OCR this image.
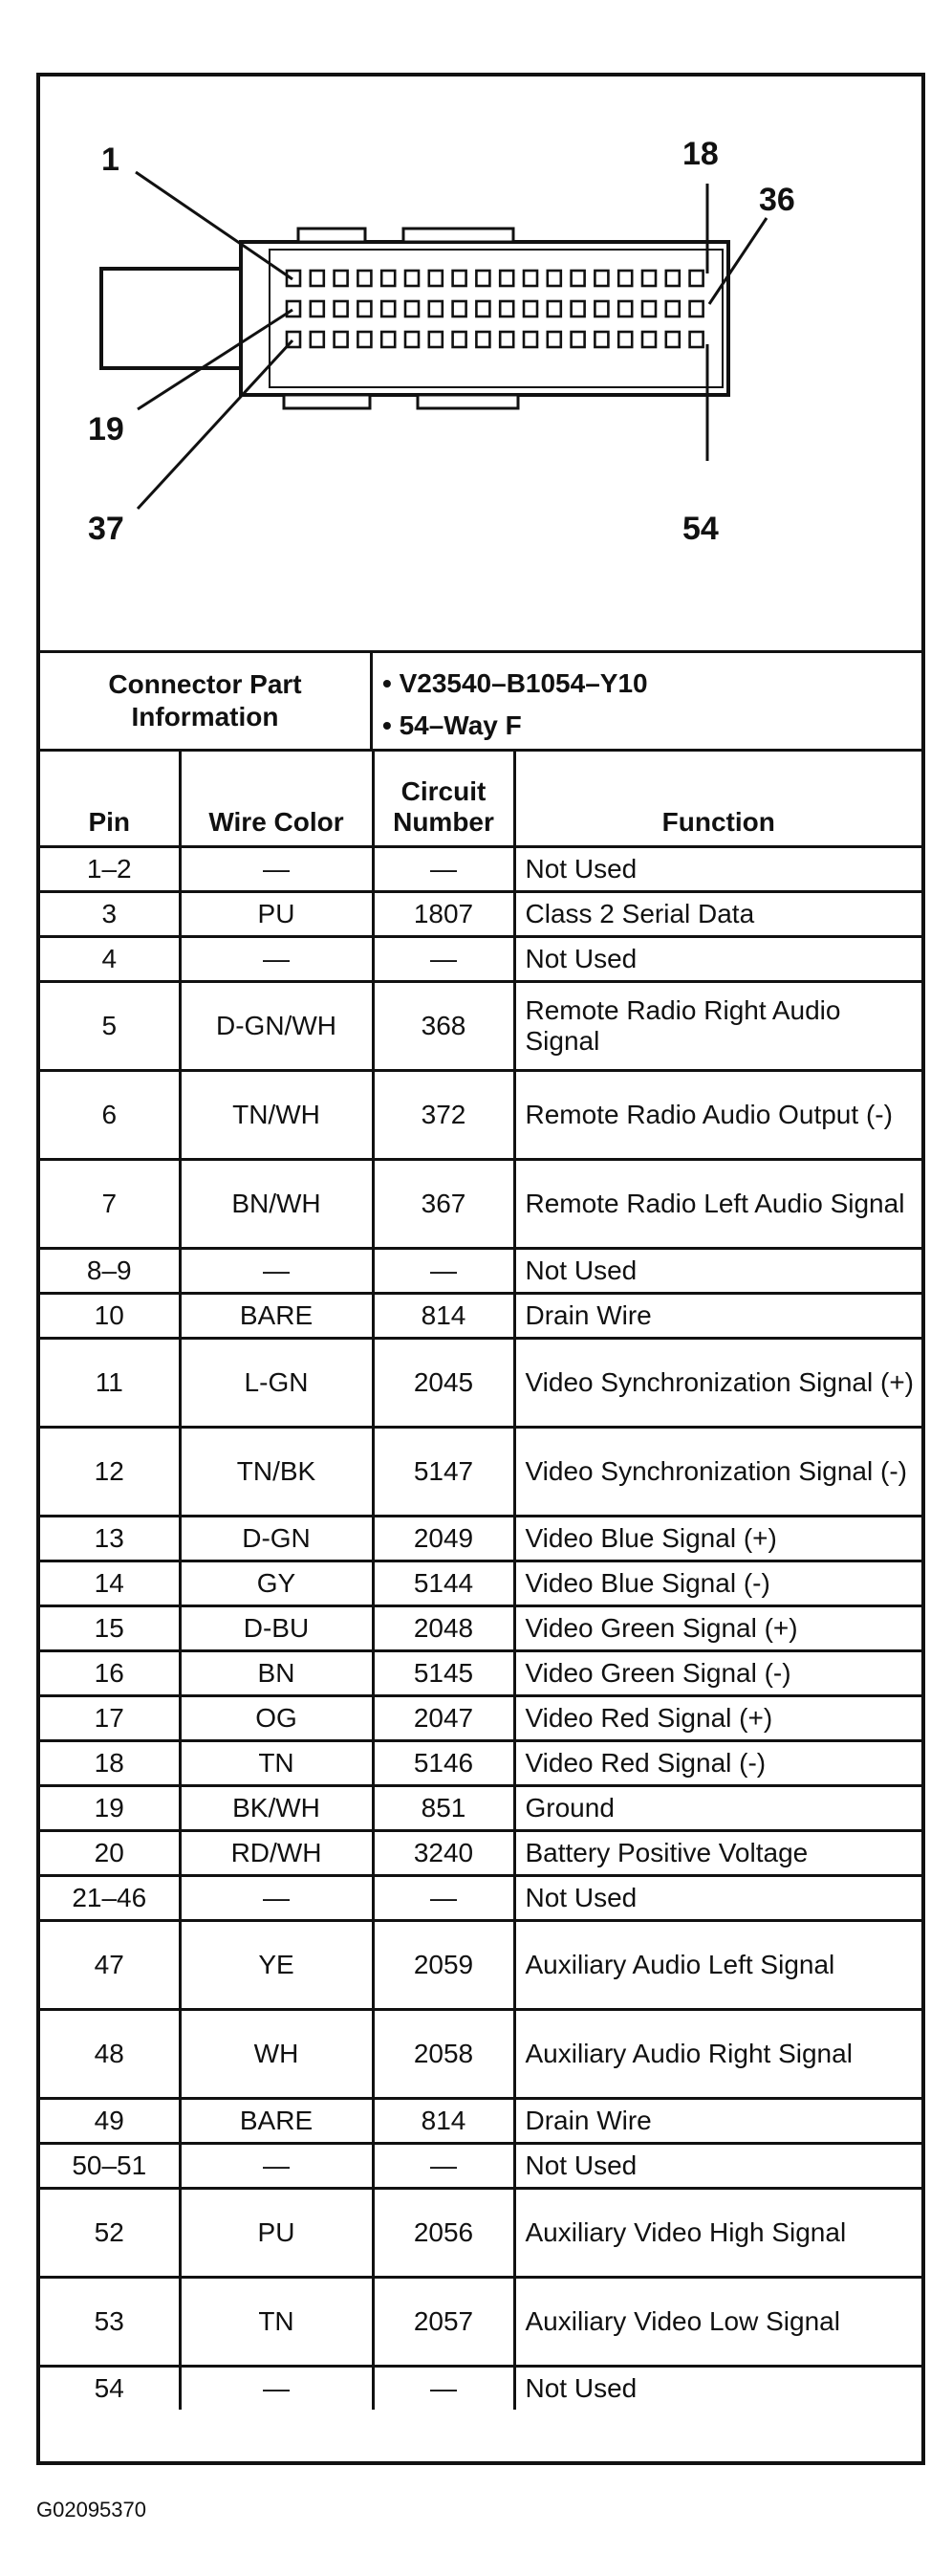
1	18
36
19
37	54
Connector Part Information
• V23540–B1054–Y10
• 54–Way F
Pin	Wire Color	Circuit Number	Function
1–2	—	—	Not Used
3	PU	1807	Class 2 Serial Data
4	—	—	Not Used
5	D-GN/WH	368	Remote Radio Right Audio Signal
6	TN/WH	372	Remote Radio Audio Output (-)
7	BN/WH	367	Remote Radio Left Audio Signal
8–9	—	—	Not Used
10	BARE	814	Drain Wire
11	L-GN	2045	Video Synchronization Signal (+)
12	TN/BK	5147	Video Synchronization Signal (-)
13	D-GN	2049	Video Blue Signal (+)
14	GY	5144	Video Blue Signal (-)
15	D-BU	2048	Video Green Signal (+)
16	BN	5145	Video Green Signal (-)
17	OG	2047	Video Red Signal (+)
18	TN	5146	Video Red Signal (-)
19	BK/WH	851	Ground
20	RD/WH	3240	Battery Positive Voltage
21–46	—	—	Not Used
47	YE	2059	Auxiliary Audio Left Signal
48	WH	2058	Auxiliary Audio Right Signal
49	BARE	814	Drain Wire
50–51	—	—	Not Used
52	PU	2056	Auxiliary Video High Signal
53	TN	2057	Auxiliary Video Low Signal
54	—	—	Not Used
G02095370
